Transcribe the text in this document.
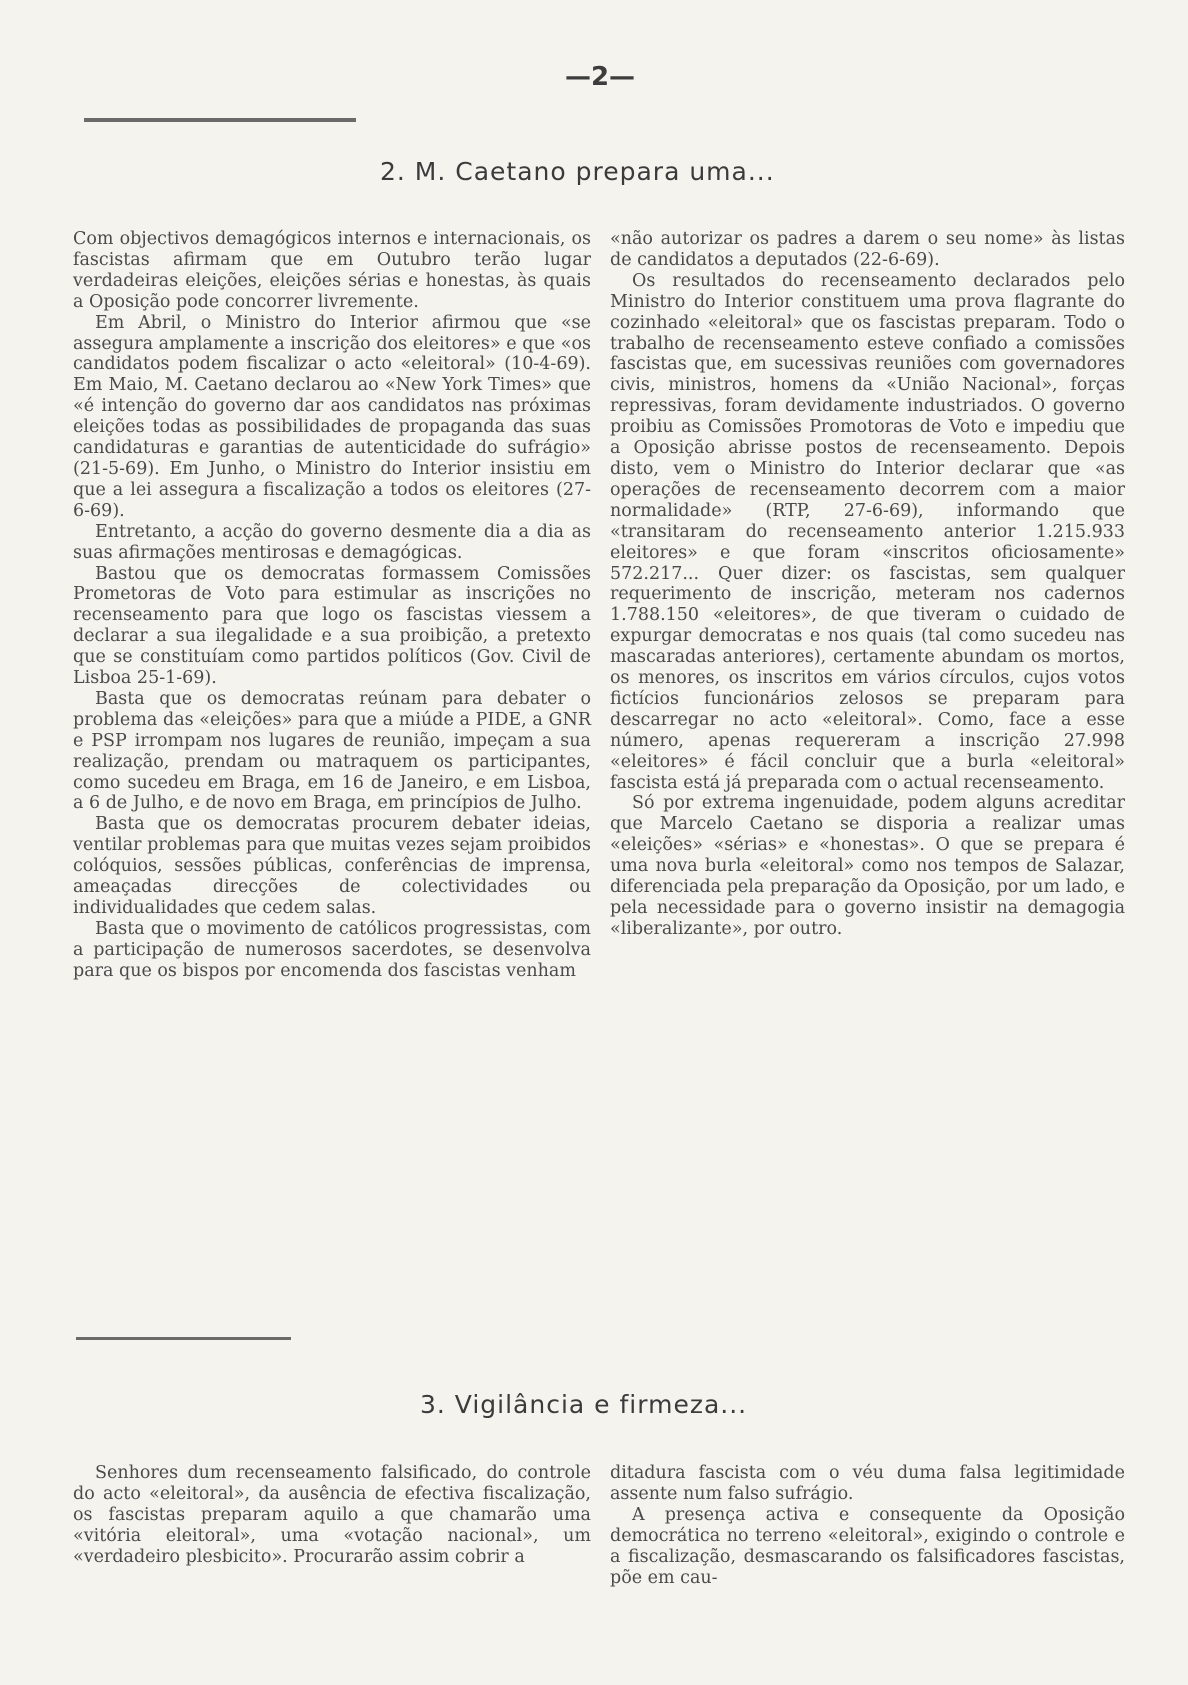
—2—
2. M. Caetano prepara uma...

Com objectivos demagógicos internos e internacionais, os fascistas afirmam que em Outubro terão lugar verdadeiras eleições, eleições sérias e honestas, às quais a Oposição pode concorrer livremente.

Em Abril, o Ministro do Interior afirmou que «se assegura amplamente a inscrição dos eleitores» e que «os candidatos podem fiscalizar o acto «eleitoral» (10-4-69). Em Maio, M. Caetano declarou ao «New York Times» que «é intenção do governo dar aos candidatos nas próximas eleições todas as possibilidades de propaganda das suas candidaturas e garantias de autenticidade do sufrágio» (21-5-69). Em Junho, o Ministro do Interior insistiu em que a lei assegura a fiscalização a todos os eleitores (27-6-69).

Entretanto, a acção do governo desmente dia a dia as suas afirmações mentirosas e demagógicas.

Bastou que os democratas formassem Comissões Prometoras de Voto para estimular as inscrições no recenseamento para que logo os fascistas viessem a declarar a sua ilegalidade e a sua proibição, a pretexto que se constituíam como partidos políticos (Gov. Civil de Lisboa 25-1-69).

Basta que os democratas reúnam para debater o problema das «eleições» para que a miúde a PIDE, a GNR e PSP irrompam nos lugares de reunião, impeçam a sua realização, prendam ou matraquem os participantes, como sucedeu em Braga, em 16 de Janeiro, e em Lisboa, a 6 de Julho, e de novo em Braga, em princípios de Julho.

Basta que os democratas procurem debater ideias, ventilar problemas para que muitas vezes sejam proibidos colóquios, sessões públicas, conferências de imprensa, ameaçadas direcções de colectividades ou individualidades que cedem salas.

Basta que o movimento de católicos progressistas, com a participação de numerosos sacerdotes, se desenvolva para que os bispos por encomenda dos fascistas venham

«não autorizar os padres a darem o seu nome» às listas de candidatos a deputados (22-6-69).

Os resultados do recenseamento declarados pelo Ministro do Interior constituem uma prova flagrante do cozinhado «eleitoral» que os fascistas preparam. Todo o trabalho de recenseamento esteve confiado a comissões fascistas que, em sucessivas reuniões com governadores civis, ministros, homens da «União Nacional», forças repressivas, foram devidamente industriados. O governo proibiu as Comissões Promotoras de Voto e impediu que a Oposição abrisse postos de recenseamento. Depois disto, vem o Ministro do Interior declarar que «as operações de recenseamento decorrem com a maior normalidade» (RTP, 27-6-69), informando que «transitaram do recenseamento anterior 1.215.933 eleitores» e que foram «inscritos oficiosamente» 572.217... Quer dizer: os fascistas, sem qualquer requerimento de inscrição, meteram nos cadernos 1.788.150 «eleitores», de que tiveram o cuidado de expurgar democratas e nos quais (tal como sucedeu nas mascaradas anteriores), certamente abundam os mortos, os menores, os inscritos em vários círculos, cujos votos fictícios funcionários zelosos se preparam para descarregar no acto «eleitoral». Como, face a esse número, apenas requereram a inscrição 27.998 «eleitores» é fácil concluir que a burla «eleitoral» fascista está já preparada com o actual recenseamento.

Só por extrema ingenuidade, podem alguns acreditar que Marcelo Caetano se disporia a realizar umas «eleições» «sérias» e «honestas». O que se prepara é uma nova burla «eleitoral» como nos tempos de Salazar, diferenciada pela preparação da Oposição, por um lado, e pela necessidade para o governo insistir na demagogia «liberalizante», por outro.

3. Vigilância e firmeza...

Senhores dum recenseamento falsificado, do controle do acto «eleitoral», da ausência de efectiva fiscalização, os fascistas preparam aquilo a que chamarão uma «vitória eleitoral», uma «votação nacional», um «verdadeiro plesbicito». Procurarão assim cobrir a

ditadura fascista com o véu duma falsa legitimidade assente num falso sufrágio.

A presença activa e consequente da Oposição democrática no terreno «eleitoral», exigindo o controle e a fiscalização, desmascarando os falsificadores fascistas, põe em cau-
